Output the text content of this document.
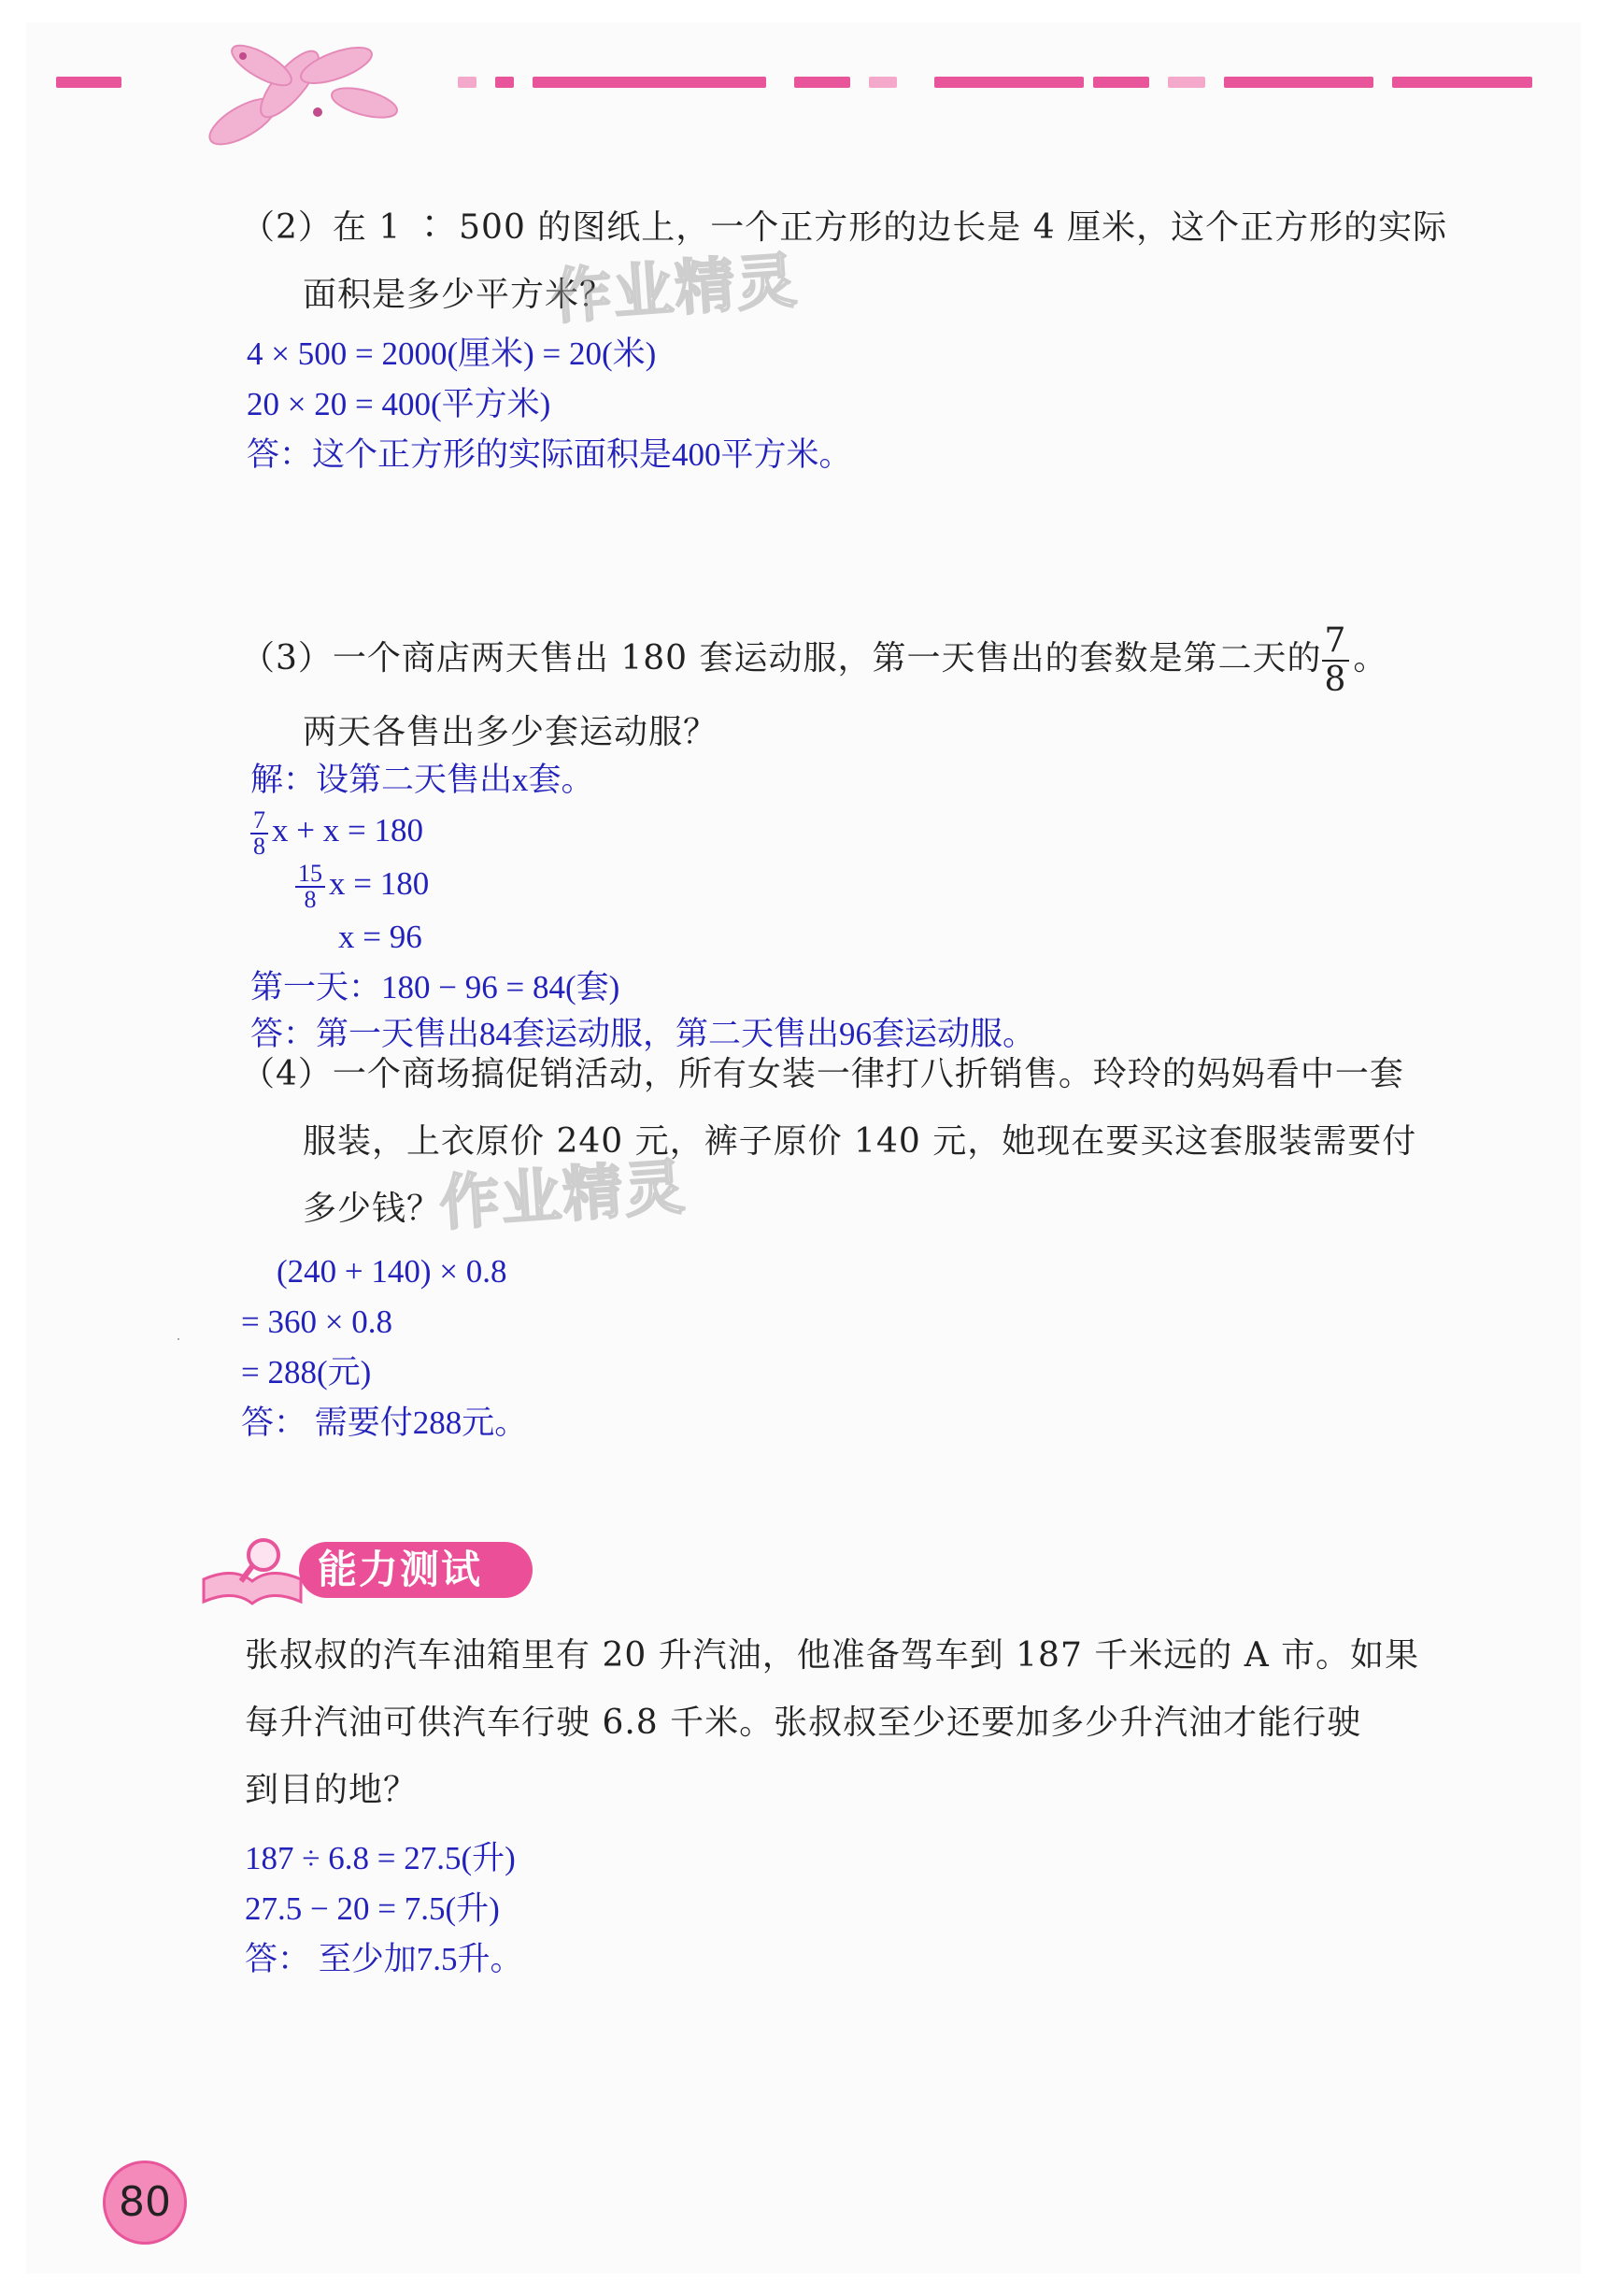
（2）在 1 ∶ 500 的图纸上，一个正方形的边长是 4 厘米，这个正方形的实际
面积是多少平方米？
作业精灵
4 × 500 = 2000(厘米) = 20(米)
20 × 20 = 400(平方米)
答：这个正方形的实际面积是400平方米。
（3）一个商店两天售出 180 套运动服，第一天售出的套数是第二天的 $\frac{7}{8}$ 。
两天各售出多少套运动服？
解：设第二天售出x套。
$\frac{7}{8}$ x + x = 180
$\frac{15}{8}$ x = 180
x = 96
第一天：180 − 96 = 84(套)
答：第一天售出84套运动服，第二天售出96套运动服。
（4）一个商场搞促销活动，所有女装一律打八折销售。玲玲的妈妈看中一套
服装，上衣原价 240 元，裤子原价 140 元，她现在要买这套服装需要付
多少钱？
作业精灵
(240 + 140) × 0.8
= 360 × 0.8
= 288(元)
答： 需要付288元。
能力测试
张叔叔的汽车油箱里有 20 升汽油，他准备驾车到 187 千米远的 A 市。如果
每升汽油可供汽车行驶 6.8 千米。张叔叔至少还要加多少升汽油才能行驶
到目的地？
187 ÷ 6.8 = 27.5(升)
27.5 − 20 = 7.5(升)
答： 至少加7.5升。
80
